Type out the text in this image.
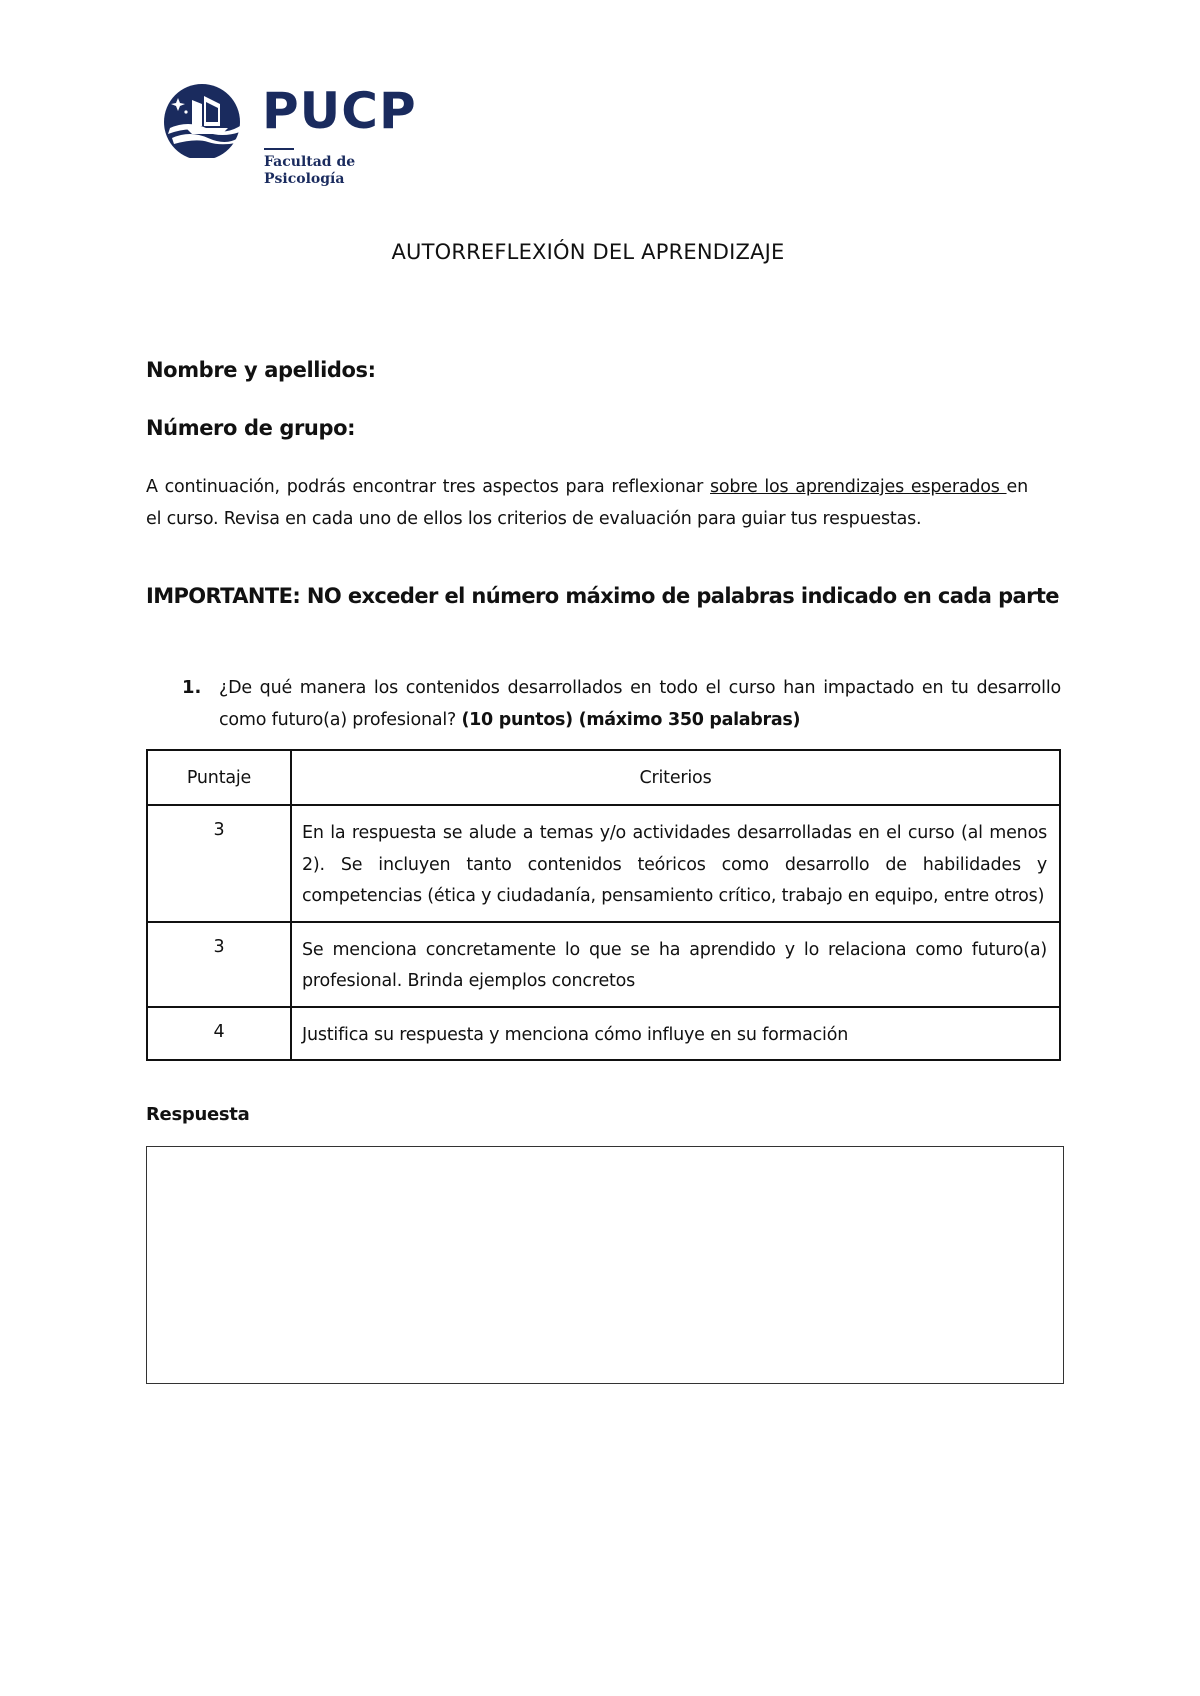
PUCP
Facultad de
Psicología
AUTORREFLEXIÓN DEL APRENDIZAJE
Nombre y apellidos:
Número de grupo:

A continuación, podrás encontrar tres aspectos para reflexionar sobre los aprendizajes esperados en el curso. Revisa en cada uno de ellos los criterios de evaluación para guiar tus respuestas.

IMPORTANTE: NO exceder el número máximo de palabras indicado en cada parte
1. ¿De qué manera los contenidos desarrollados en todo el curso han impactado en tu desarrollo como futuro(a) profesional? (10 puntos) (máximo 350 palabras)

Puntaje	Criterios
3	En la respuesta se alude a temas y/o actividades desarrolladas en el curso (al menos 2). Se incluyen tanto contenidos teóricos como desarrollo de habilidades y competencias (ética y ciudadanía, pensamiento crítico, trabajo en equipo, entre otros)
3	Se menciona concretamente lo que se ha aprendido y lo relaciona como futuro(a) profesional. Brinda ejemplos concretos
4	Justifica su respuesta y menciona cómo influye en su formación
Respuesta
